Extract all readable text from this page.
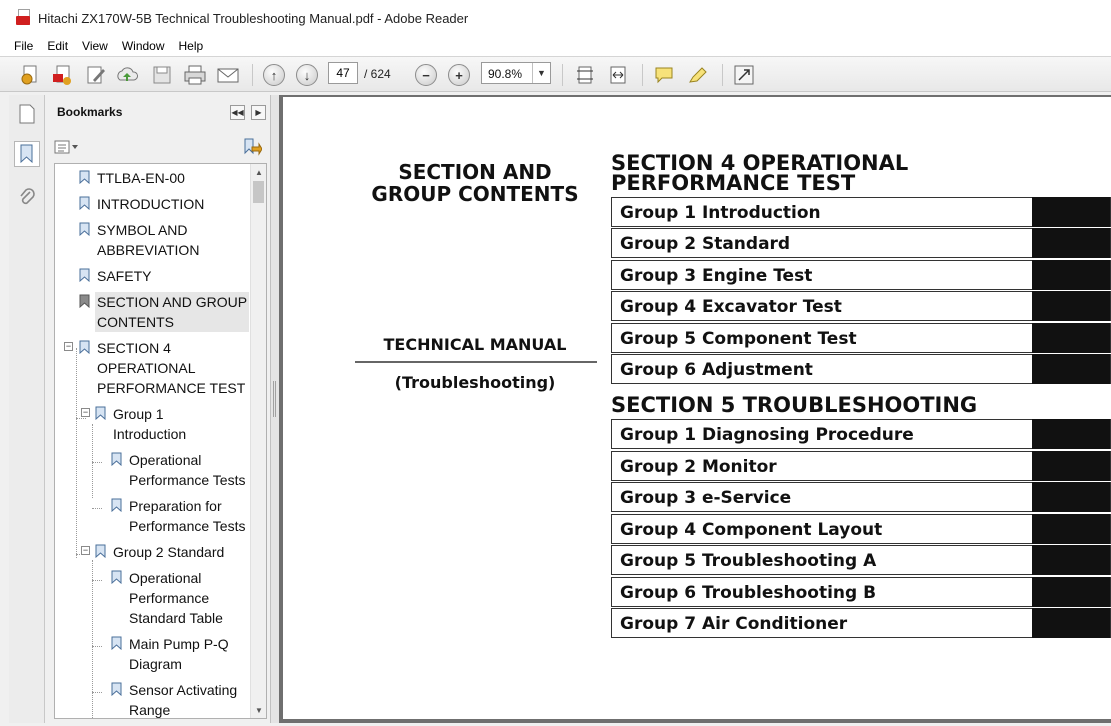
Hitachi ZX170W-5B Technical Troubleshooting Manual.pdf - Adobe Reader
File Edit View Window Help
↑	↓	−	+
47
/ 624	90.8%	▼
Bookmarks	◀◀ ▶
TTLBA-EN-00
INTRODUCTION
SYMBOL AND ABBREVIATION
SAFETY
SECTION AND GROUP CONTENTS
− SECTION 4 OPERATIONAL PERFORMANCE TEST
− Group 1 Introduction
Operational Performance Tests
Preparation for Performance Tests
− Group 2 Standard
Operational Performance Standard Table
Main Pump P-Q Diagram
Sensor Activating Range
▲
▼
SECTION AND GROUP CONTENTS
TECHNICAL MANUAL
(Troubleshooting)
SECTION 4 OPERATIONAL PERFORMANCE TEST
Group 1 Introduction
Group 2 Standard
Group 3 Engine Test
Group 4 Excavator Test
Group 5 Component Test
Group 6 Adjustment
SECTION 5 TROUBLESHOOTING
Group 1 Diagnosing Procedure
Group 2 Monitor
Group 3 e-Service
Group 4 Component Layout
Group 5 Troubleshooting A
Group 6 Troubleshooting B
Group 7 Air Conditioner
